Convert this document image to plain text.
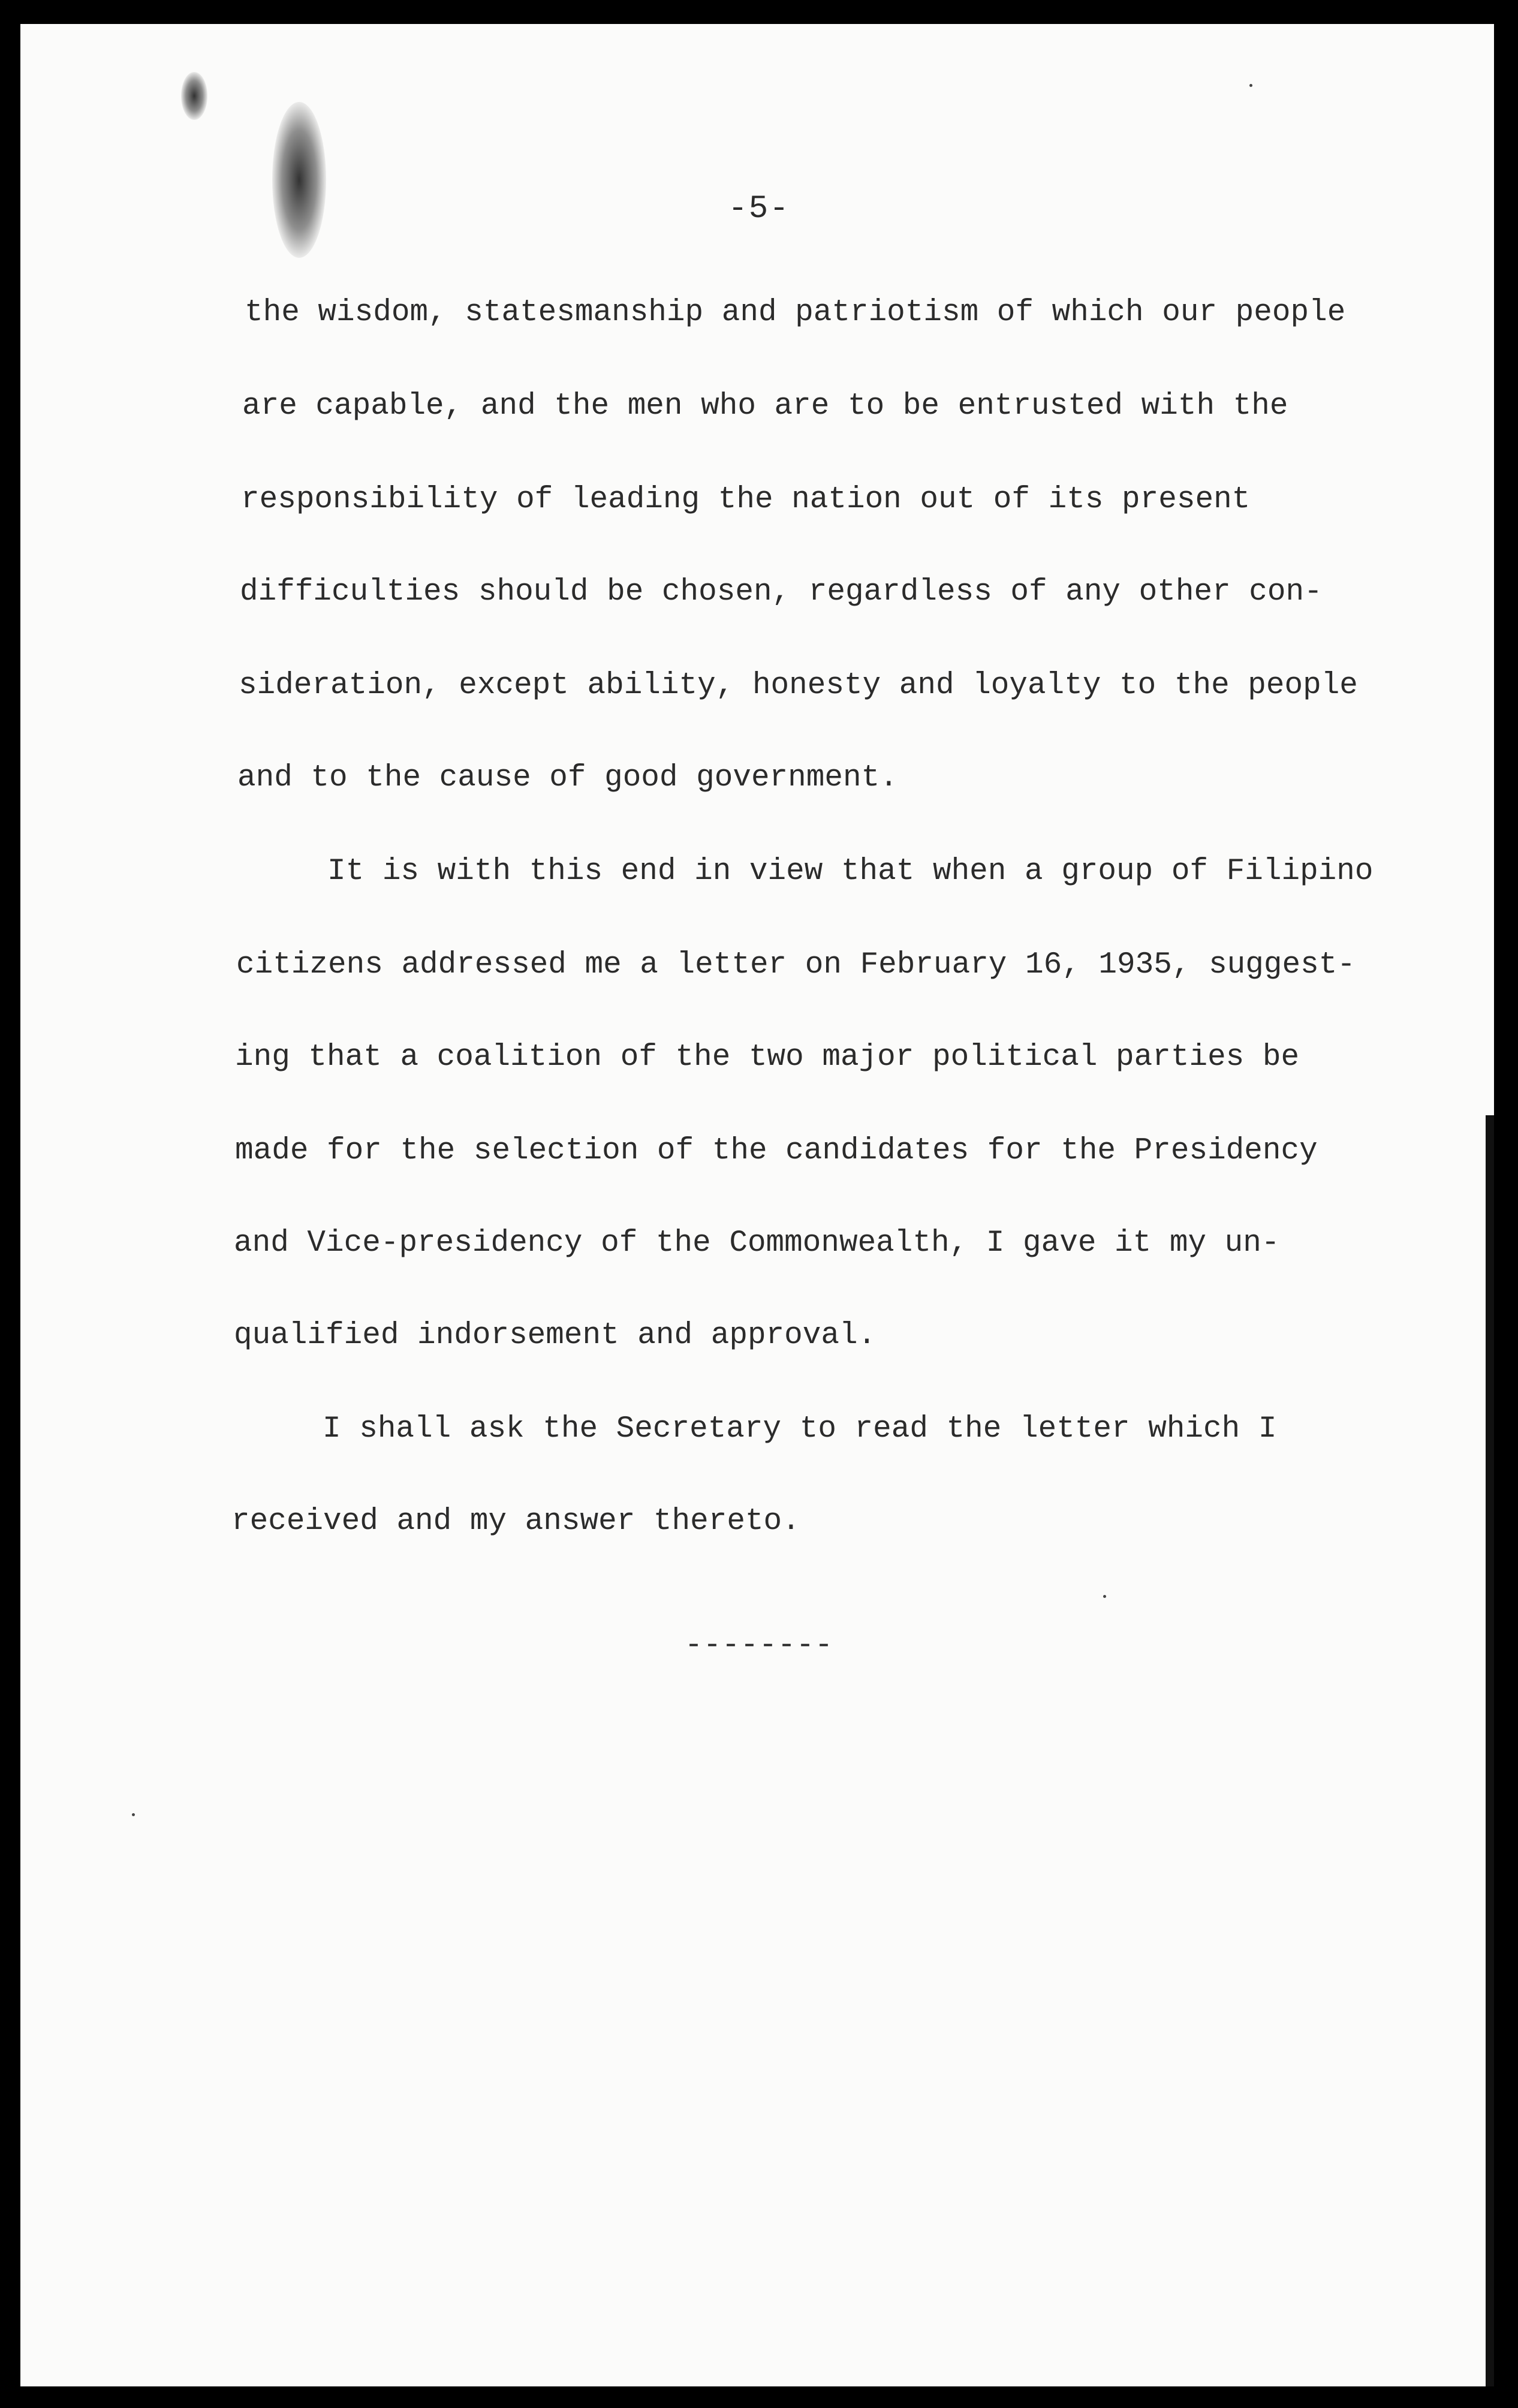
-5-

the wisdom, statesmanship and patriotism of which our people

are capable, and the men who are to be entrusted with the

responsibility of leading the nation out of its present

difficulties should be chosen, regardless of any other con-

sideration, except ability, honesty and loyalty to the people

and to the cause of good government.

It is with this end in view that when a group of Filipino

citizens addressed me a letter on February 16, 1935, suggest-

ing that a coalition of the two major political parties be

made for the selection of the candidates for the Presidency

and Vice-presidency of the Commonwealth, I gave it my un-

qualified indorsement and approval.

I shall ask the Secretary to read the letter which I

received and my answer thereto.

--------
